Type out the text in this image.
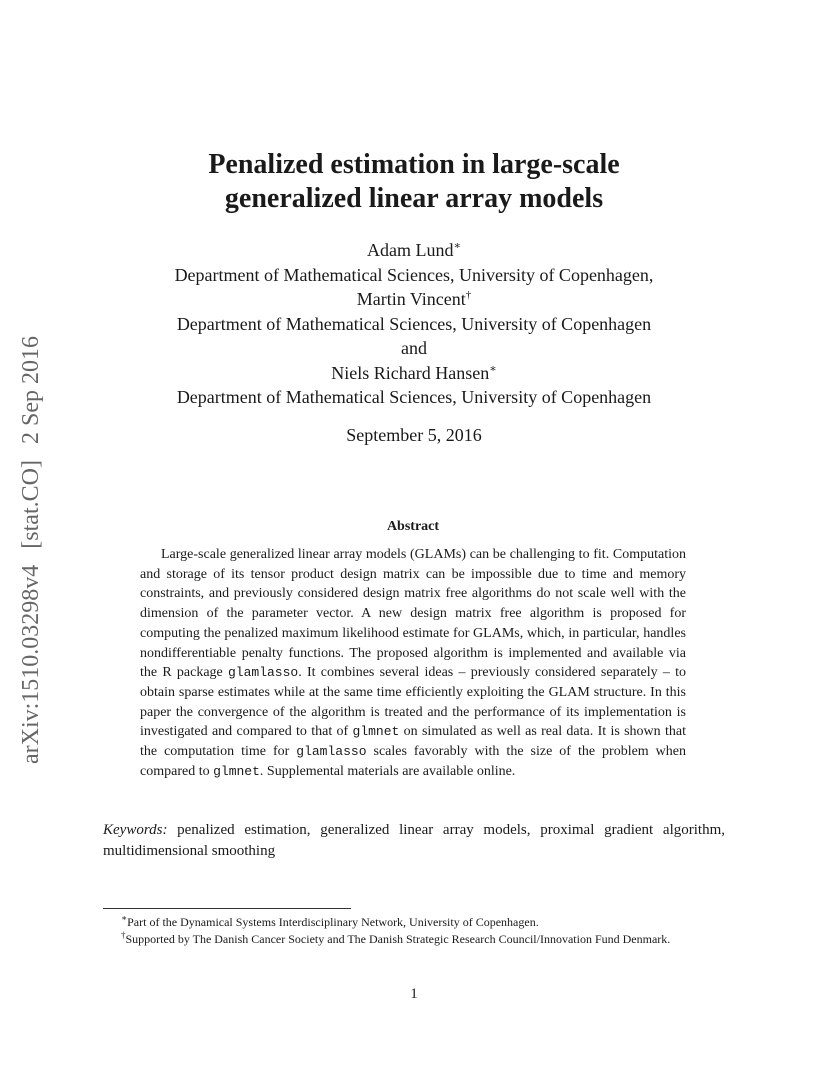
arXiv:1510.03298v4[stat.CO]2 Sep 2016
Penalized estimation in large-scale
generalized linear array models
Adam Lund∗
Department of Mathematical Sciences, University of Copenhagen,
Martin Vincent†
Department of Mathematical Sciences, University of Copenhagen
and
Niels Richard Hansen∗
Department of Mathematical Sciences, University of Copenhagen
September 5, 2016
Abstract
Large-scale generalized linear array models (GLAMs) can be challenging to fit. Computation and storage of its tensor product design matrix can be impossible due to time and memory constraints, and previously considered design matrix free algorithms do not scale well with the dimension of the parameter vector. A new design matrix free algorithm is proposed for computing the penalized maximum likelihood estimate for GLAMs, which, in particular, handles nondifferentiable penalty functions. The proposed algorithm is implemented and available via the R package glamlasso. It combines several ideas – previously considered separately – to obtain sparse estimates while at the same time efficiently exploiting the GLAM structure. In this paper the convergence of the algorithm is treated and the performance of its implementation is investigated and compared to that of glmnet on simulated as well as real data. It is shown that the computation time for glamlasso scales favorably with the size of the problem when compared to glmnet. Supplemental materials are available online.
Keywords: penalized estimation, generalized linear array models, proximal gradient algorithm, multidimensional smoothing
∗Part of the Dynamical Systems Interdisciplinary Network, University of Copenhagen.
†Supported by The Danish Cancer Society and The Danish Strategic Research Council/Innovation Fund Denmark.
1
